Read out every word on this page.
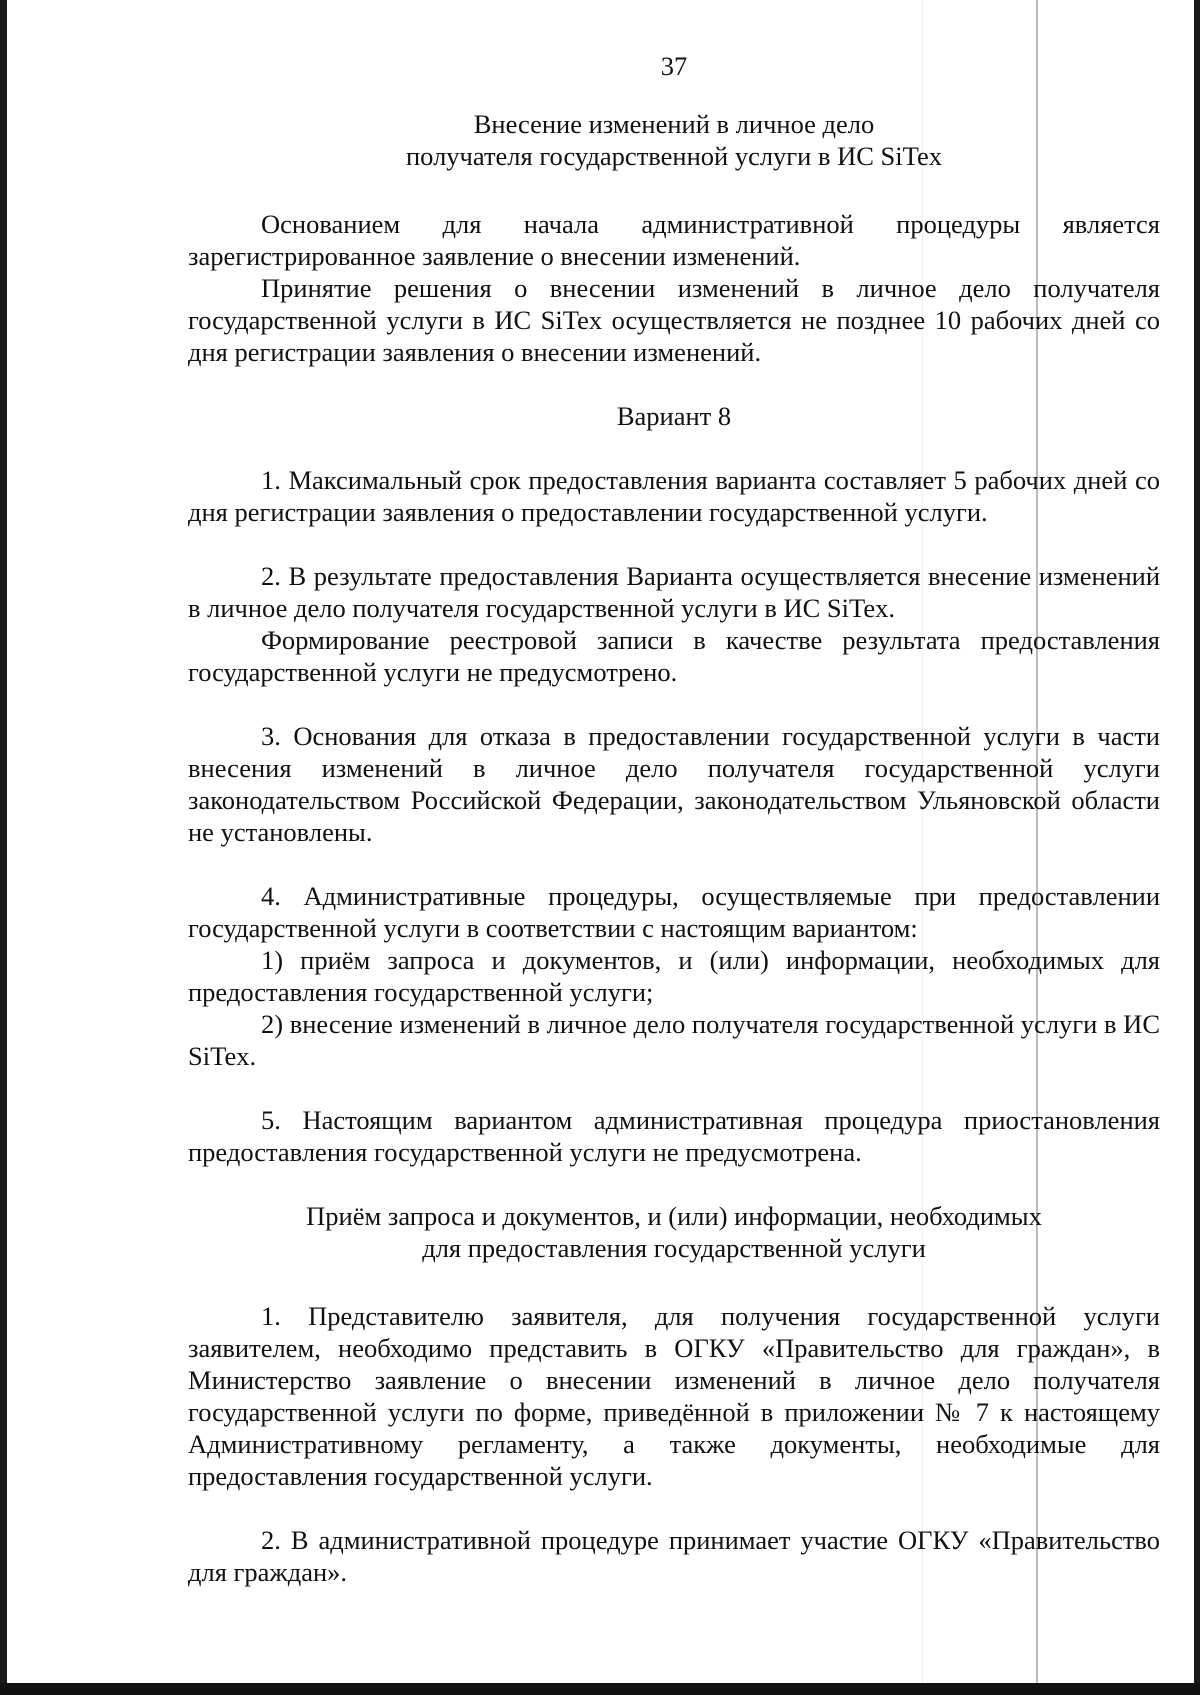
37

Внесение изменений в личное дело

получателя государственной услуги в ИС SiTex

Основанием для начала административной процедуры является зарегистрированное заявление о внесении изменений.

Принятие решения о внесении изменений в личное дело получателя государственной услуги в ИС SiTex осуществляется не позднее 10 рабочих дней со дня регистрации заявления о внесении изменений.

Вариант 8

1. Максимальный срок предоставления варианта составляет 5 рабочих дней со дня регистрации заявления о предоставлении государственной услуги.

2. В результате предоставления Варианта осуществляется внесение изменений в личное дело получателя государственной услуги в ИС SiTex.

Формирование реестровой записи в качестве результата предоставления государственной услуги не предусмотрено.

3. Основания для отказа в предоставлении государственной услуги в части внесения изменений в личное дело получателя государственной услуги законодательством Российской Федерации, законодательством Ульяновской области не установлены.

4. Административные процедуры, осуществляемые при предоставлении государственной услуги в соответствии с настоящим вариантом:

1) приём запроса и документов, и (или) информации, необходимых для предоставления государственной услуги;

2) внесение изменений в личное дело получателя государственной услуги в ИС SiTex.

5. Настоящим вариантом административная процедура приостановления предоставления государственной услуги не предусмотрена.

Приём запроса и документов, и (или) информации, необходимых

для предоставления государственной услуги

1. Представителю заявителя, для получения государственной услуги заявителем, необходимо представить в ОГКУ «Правительство для граждан», в Министерство заявление о внесении изменений в личное дело получателя государственной услуги по форме, приведённой в приложении № 7 к настоящему Административному регламенту, а также документы, необходимые для предоставления государственной услуги.

2. В административной процедуре принимает участие ОГКУ «Правительство для граждан».
